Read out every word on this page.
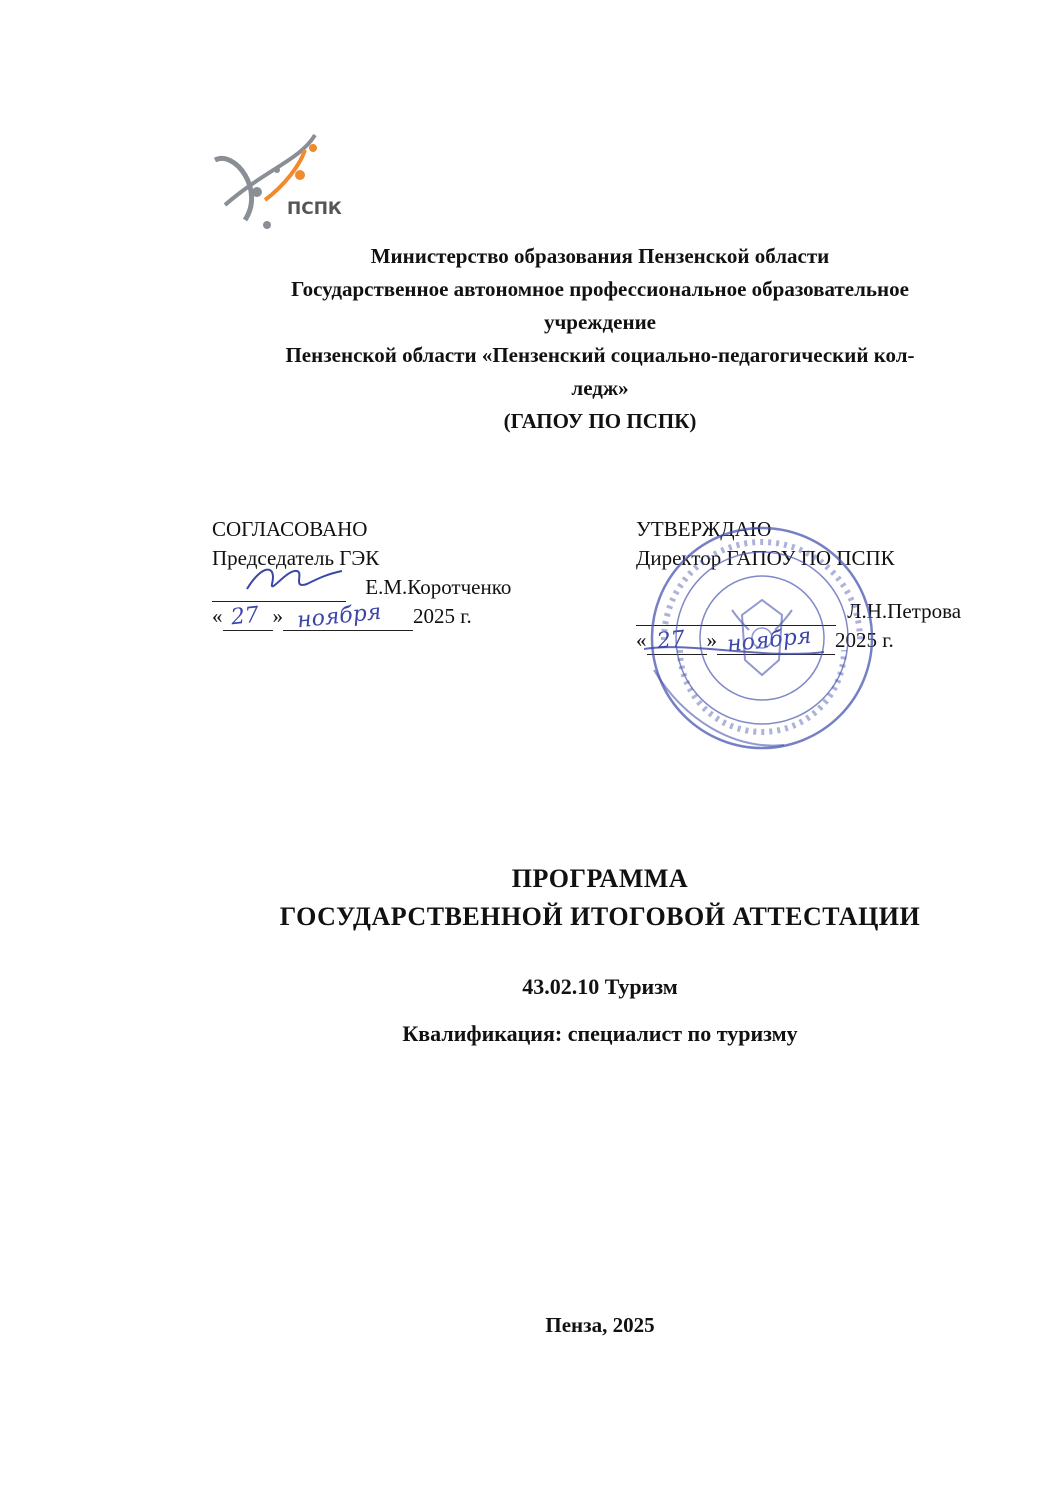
ПСПК
Министерство образования Пензенской области
Государственное автономное профессиональное образовательное
учреждение
Пензенской области «Пензенский социально-педагогический кол-
ледж»
(ГАПОУ ПО ПСПК)
СОГЛАСОВАНО
Председатель ГЭК

Е.М.Коротченко
« 27 » ноября 2025 г.
УТВЕРЖДАЮ
Директор ГАПОУ ПО ПСПК
Л.Н.Петрова
« 27 » ноября 2025 г.
ПРОГРАММА
ГОСУДАРСТВЕННОЙ ИТОГОВОЙ АТТЕСТАЦИИ
43.02.10 Туризм
Квалификация: специалист по туризму
Пенза, 2025
